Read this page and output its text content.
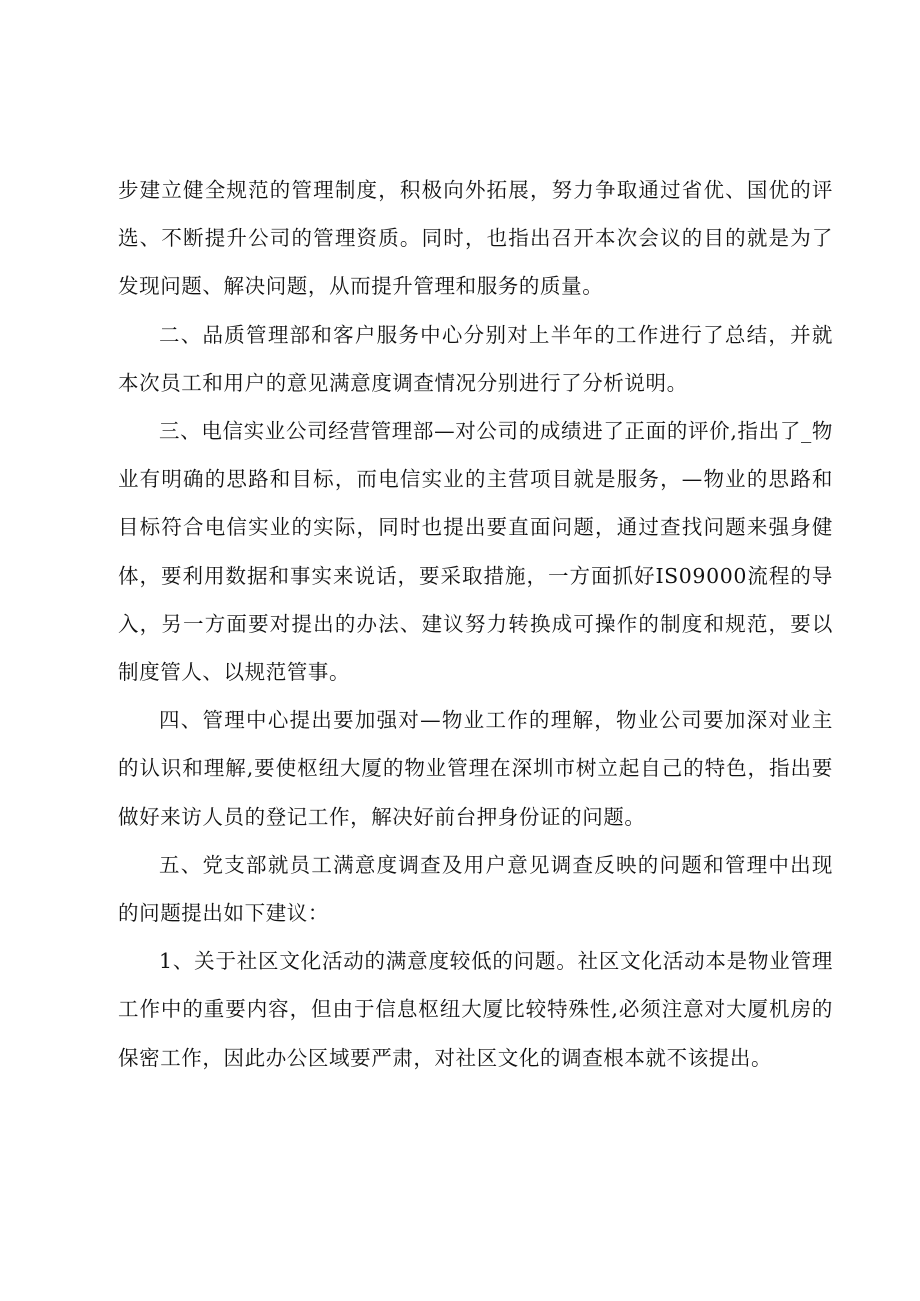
步建立健全规范的管理制度，积极向外拓展，努力争取通过省优、国优的评选、不断提升公司的管理资质。同时，也指出召开本次会议的目的就是为了发现问题、解决问题，从而提升管理和服务的质量。

二、品质管理部和客户服务中心分别对上半年的工作进行了总结，并就本次员工和用户的意见满意度调查情况分别进行了分析说明。

三、电信实业公司经营管理部—对公司的成绩进了正面的评价,指出了_物业有明确的思路和目标，而电信实业的主营项目就是服务，—物业的思路和目标符合电信实业的实际，同时也提出要直面问题，通过查找问题来强身健体，要利用数据和事实来说话，要采取措施，一方面抓好IS09000流程的导入，另一方面要对提出的办法、建议努力转换成可操作的制度和规范，要以制度管人、以规范管事。

四、管理中心提出要加强对—物业工作的理解，物业公司要加深对业主的认识和理解,要使枢纽大厦的物业管理在深圳市树立起自己的特色，指出要做好来访人员的登记工作，解决好前台押身份证的问题。

五、党支部就员工满意度调查及用户意见调查反映的问题和管理中出现的问题提出如下建议：

1、关于社区文化活动的满意度较低的问题。社区文化活动本是物业管理工作中的重要内容，但由于信息枢纽大厦比较特殊性,必须注意对大厦机房的保密工作，因此办公区域要严肃，对社区文化的调查根本就不该提出。
